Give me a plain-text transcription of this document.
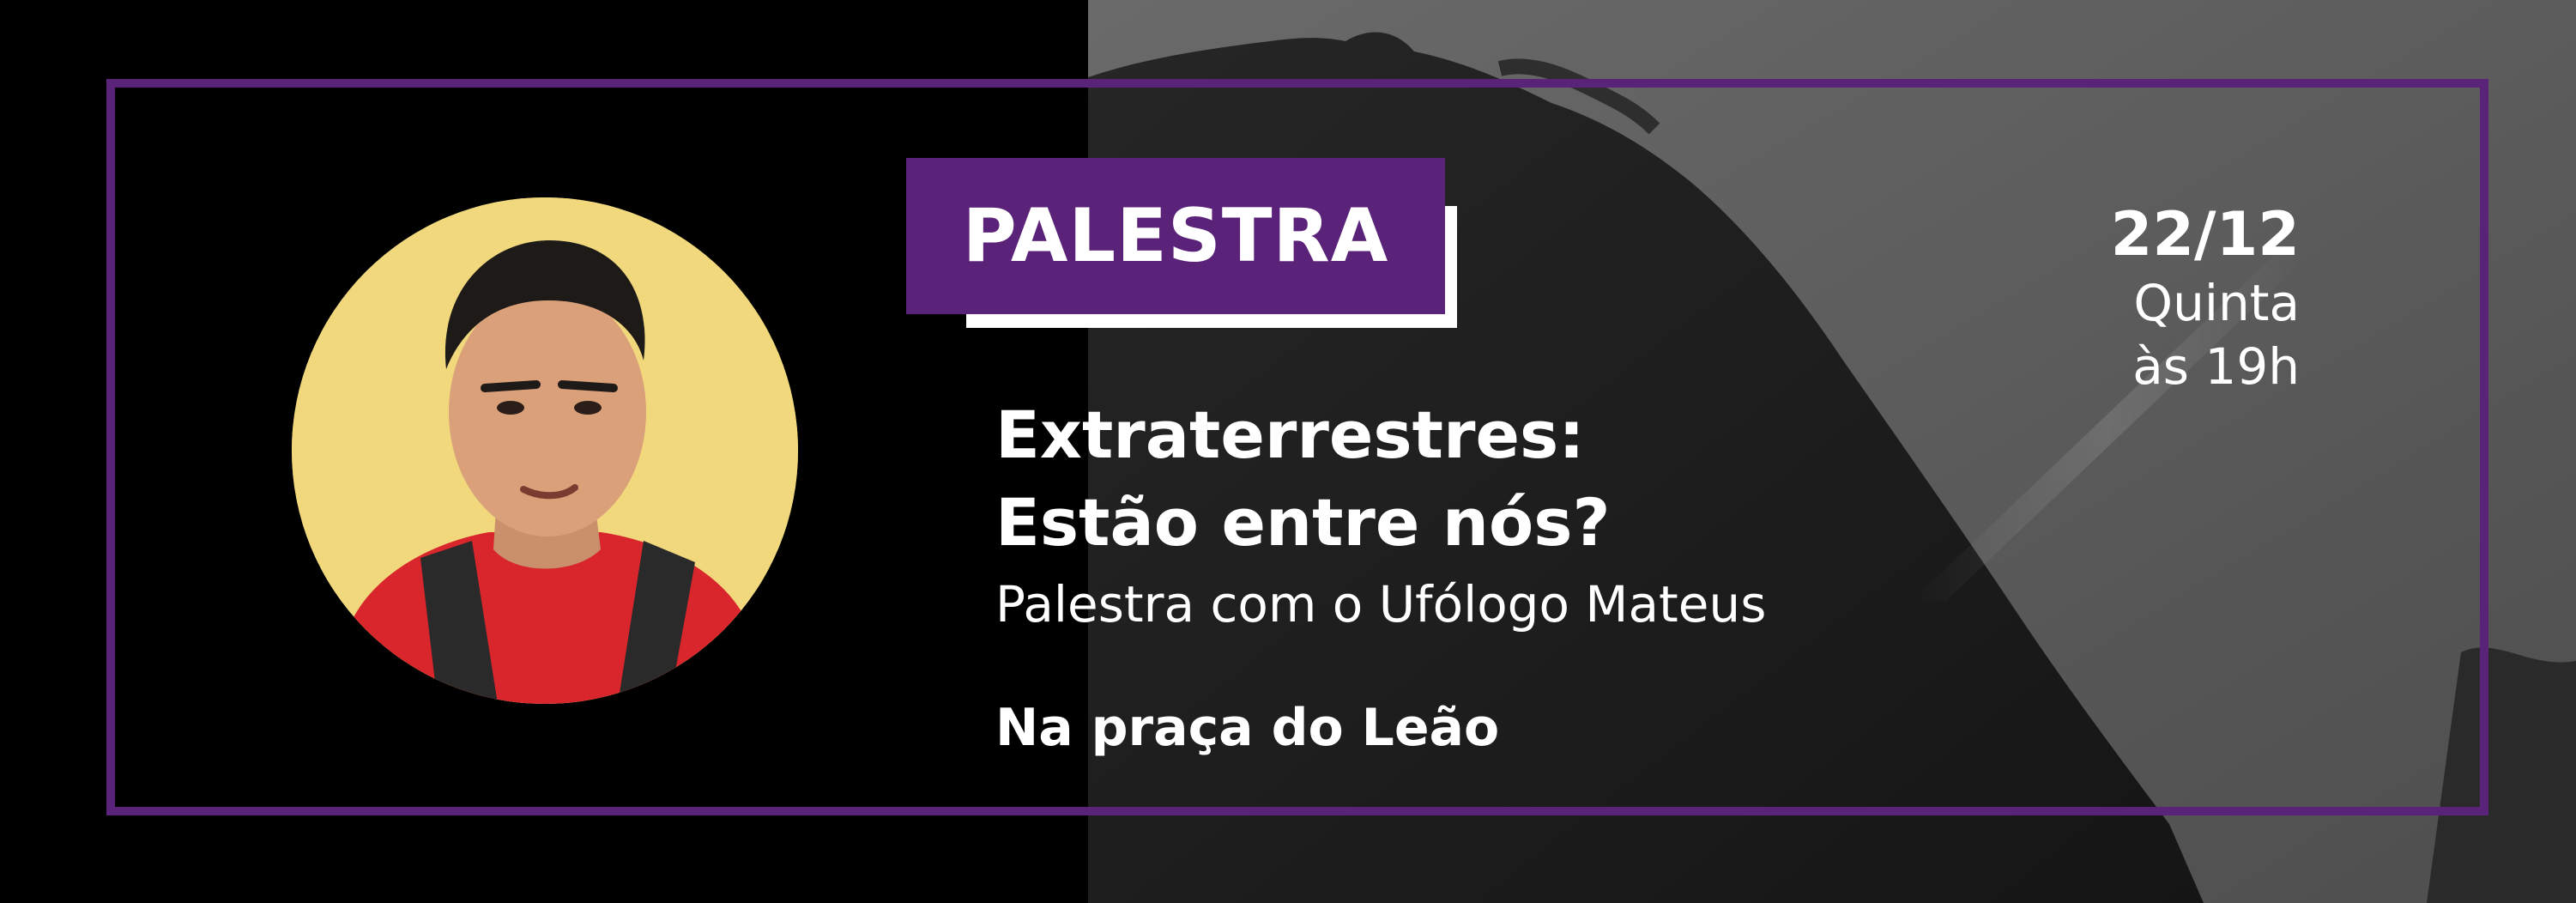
PALESTRA
Extraterrestres:
Estão entre nós?
Palestra com o Ufólogo Mateus
Na praça do Leão
22/12
Quinta
às 19h
